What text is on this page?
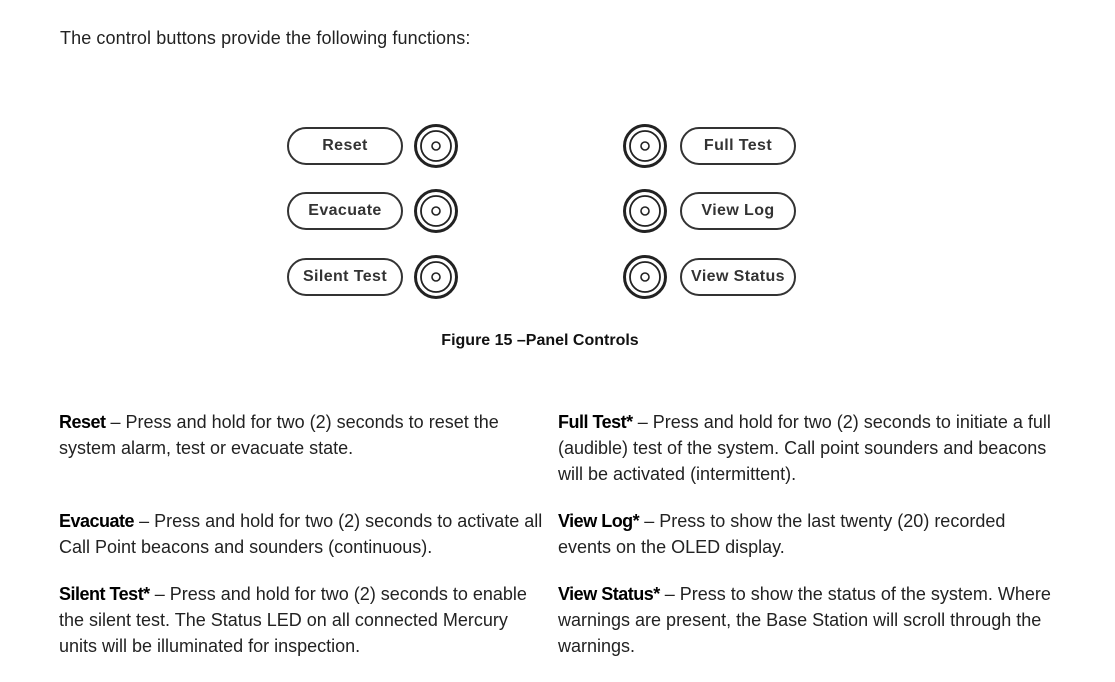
The control buttons provide the following functions:
Reset
Evacuate
Silent Test
Full Test
View Log
View Status
Figure 15 –Panel Controls
Reset – Press and hold for two (2) seconds to reset the system alarm, test or evacuate state.
Evacuate – Press and hold for two (2) seconds to activate all Call Point beacons and sounders (continuous).
Silent Test* – Press and hold for two (2) seconds to enable the silent test. The Status LED on all connected Mercury units will be illuminated for inspection.
Full Test* – Press and hold for two (2) seconds to initiate a full (audible) test of the system. Call point sounders and beacons will be activated (intermittent).
View Log* – Press to show the last twenty (20) recorded events on the OLED display.
View Status* – Press to show the status of the system. Where warnings are present, the Base Station will scroll through the warnings.
